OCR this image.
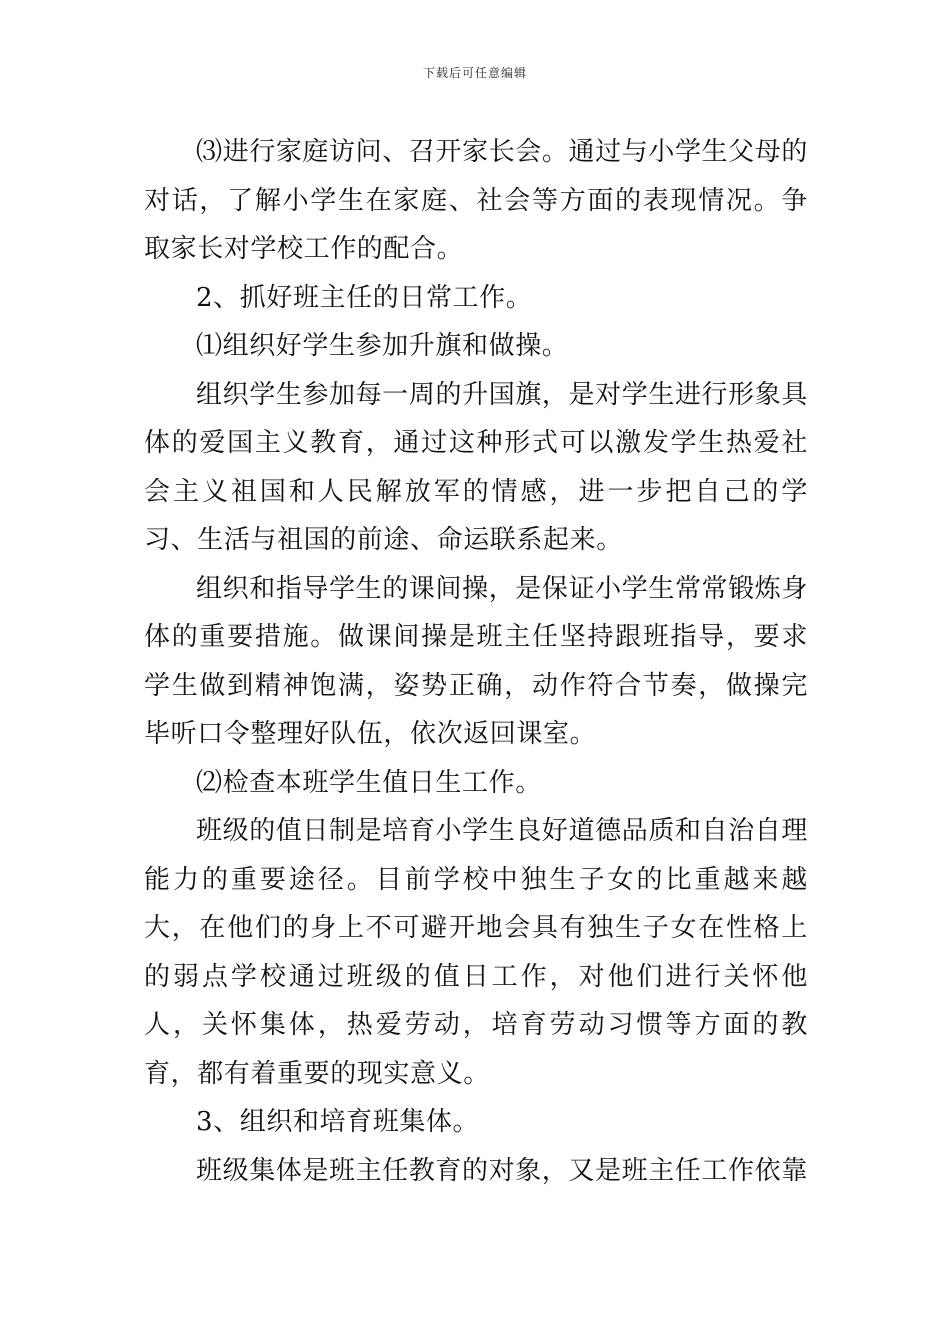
下载后可任意编辑

⑶进行家庭访问、召开家长会。通过与小学生父母的对话，了解小学生在家庭、社会等方面的表现情况。争取家长对学校工作的配合。

2、抓好班主任的日常工作。

⑴组织好学生参加升旗和做操。

组织学生参加每一周的升国旗，是对学生进行形象具体的爱国主义教育，通过这种形式可以激发学生热爱社会主义祖国和人民解放军的情感，进一步把自己的学习、生活与祖国的前途、命运联系起来。

组织和指导学生的课间操，是保证小学生常常锻炼身体的重要措施。做课间操是班主任坚持跟班指导，要求学生做到精神饱满，姿势正确，动作符合节奏，做操完毕听口令整理好队伍，依次返回课室。

⑵检查本班学生值日生工作。

班级的值日制是培育小学生良好道德品质和自治自理能力的重要途径。目前学校中独生子女的比重越来越大，在他们的身上不可避开地会具有独生子女在性格上的弱点学校通过班级的值日工作，对他们进行关怀他人，关怀集体，热爱劳动，培育劳动习惯等方面的教育，都有着重要的现实意义。

3、组织和培育班集体。

班级集体是班主任教育的对象，又是班主任工作依靠
